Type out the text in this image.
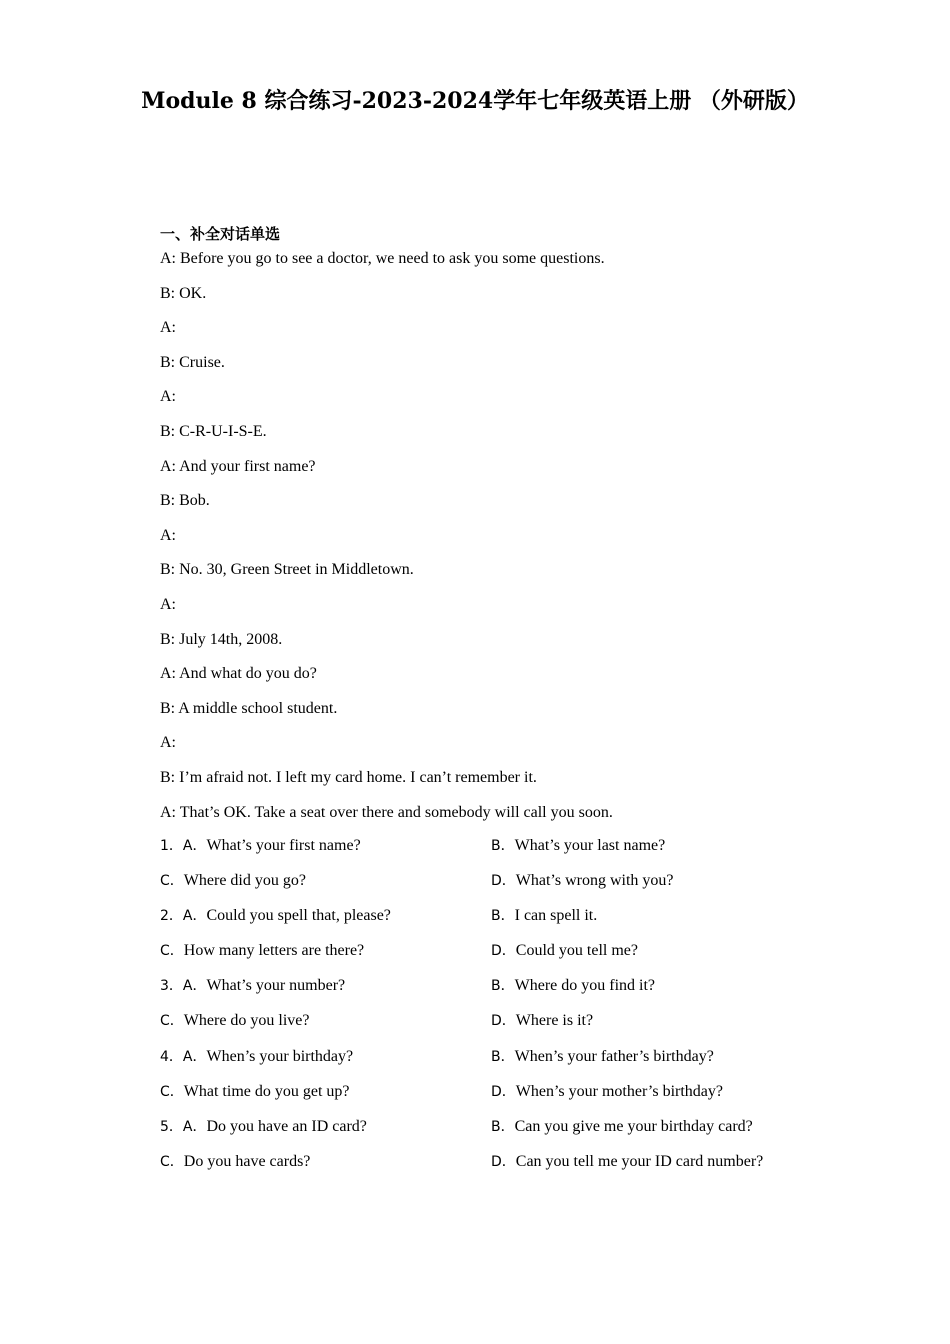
Module 8 综合练习-2023-2024学年七年级英语上册 （外研版）
一、补全对话单选
A: Before you go to see a doctor, we need to ask you some questions.
B: OK.
A:
B: Cruise.
A:
B: C-R-U-I-S-E.
A: And your first name?
B: Bob.
A:
B: No. 30, Green Street in Middletown.
A:
B: July 14th, 2008.
A: And what do you do?
B: A middle school student.
A:
B: I’m afraid not. I left my card home. I can’t remember it.
A: That’s OK. Take a seat over there and somebody will call you soon.
1．A．What’s your first name?	B．What’s your last name?
C．Where did you go?	D．What’s wrong with you?
2．A．Could you spell that, please?	B．I can spell it.
C．How many letters are there?	D．Could you tell me?
3．A．What’s your number?	B．Where do you find it?
C．Where do you live?	D．Where is it?
4．A．When’s your birthday?	B．When’s your father’s birthday?
C．What time do you get up?	D．When’s your mother’s birthday?
5．A．Do you have an ID card?	B．Can you give me your birthday card?
C．Do you have cards?	D．Can you tell me your ID card number?
